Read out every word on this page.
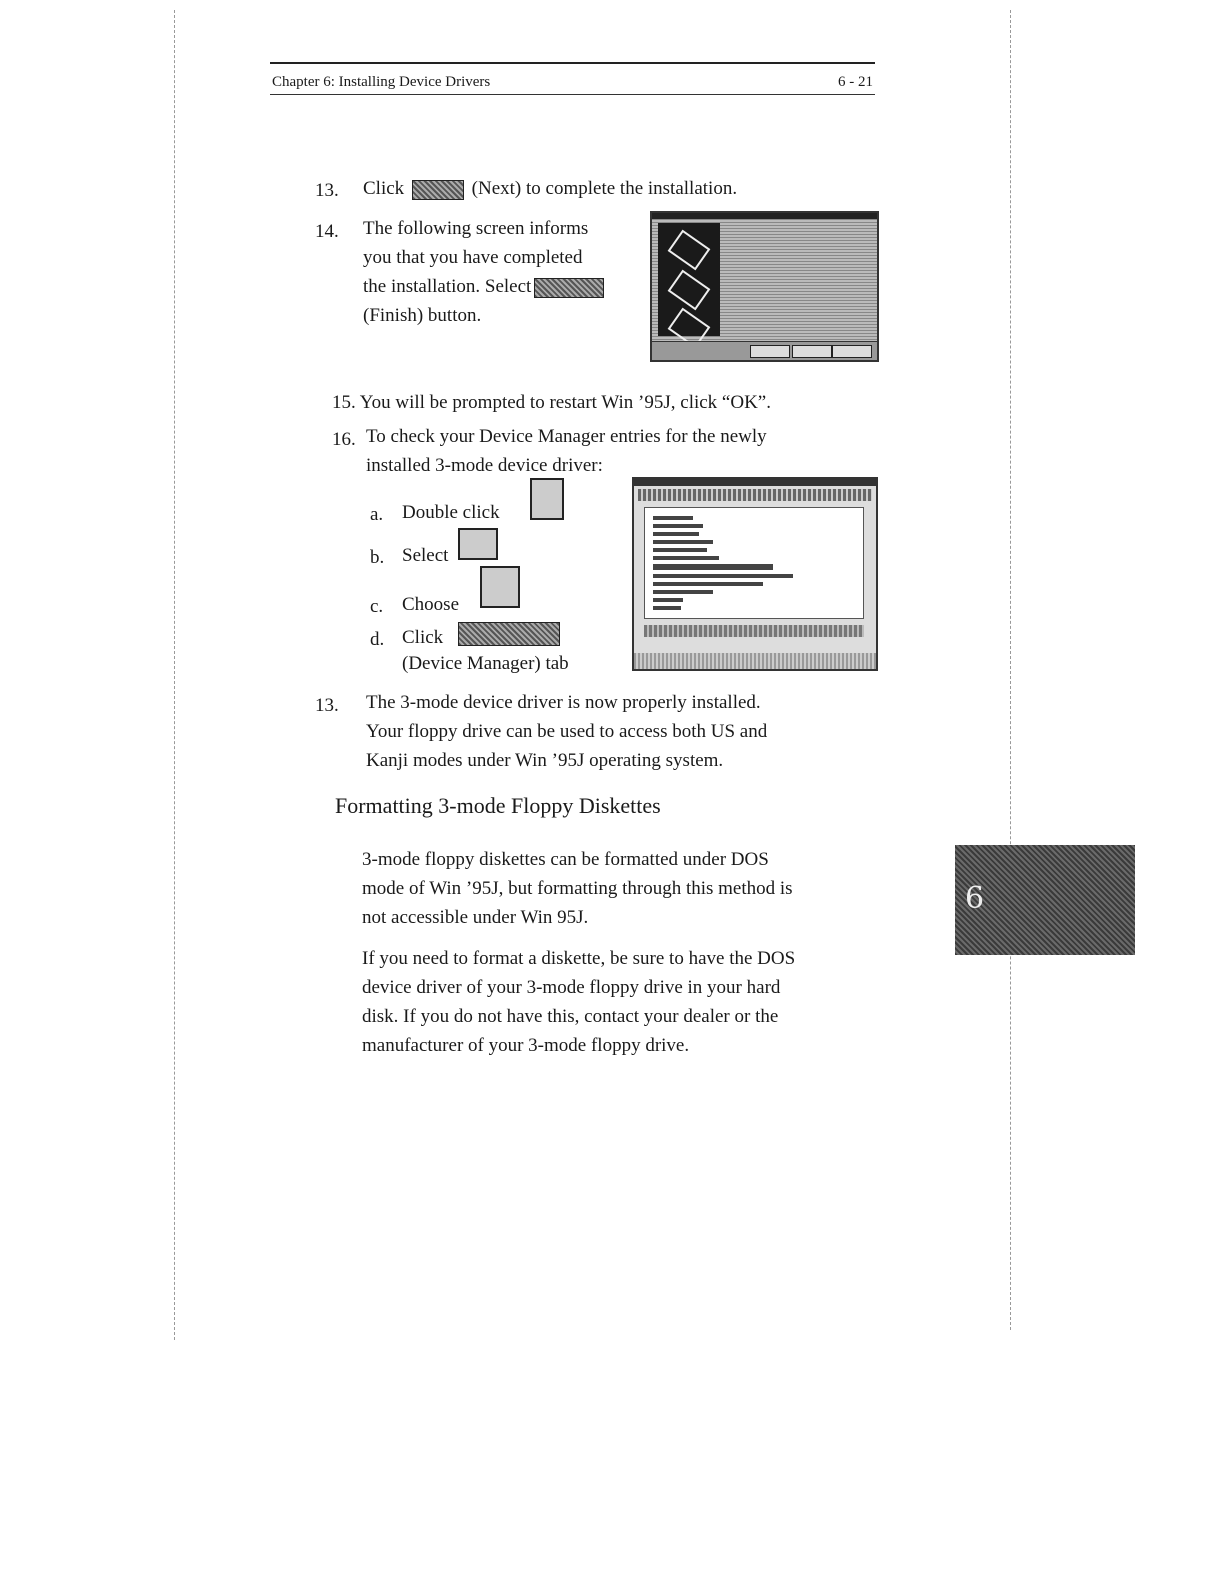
Chapter 6: Installing Device Drivers	6 - 21
13. Click	(Next) to complete the installation.
14. The following screen informs
you that you have completed
the installation. Select
(Finish) button.
15. You will be prompted to restart Win ’95J, click “OK”.
16. To check your Device Manager entries for the newly
installed 3-mode device driver:
a. Double click
b. Select
c. Choose
d. Click
(Device Manager) tab
13. The 3-mode device driver is now properly installed.
Your floppy drive can be used to access both US and
Kanji modes under Win ’95J operating system.
Formatting 3-mode Floppy Diskettes
3-mode floppy diskettes can be formatted under DOS
mode of Win ’95J, but formatting through this method is
not accessible under Win 95J.
If you need to format a diskette, be sure to have the DOS
device driver of your 3-mode floppy drive in your hard
disk. If you do not have this, contact your dealer or the
manufacturer of your 3-mode floppy drive.
6
